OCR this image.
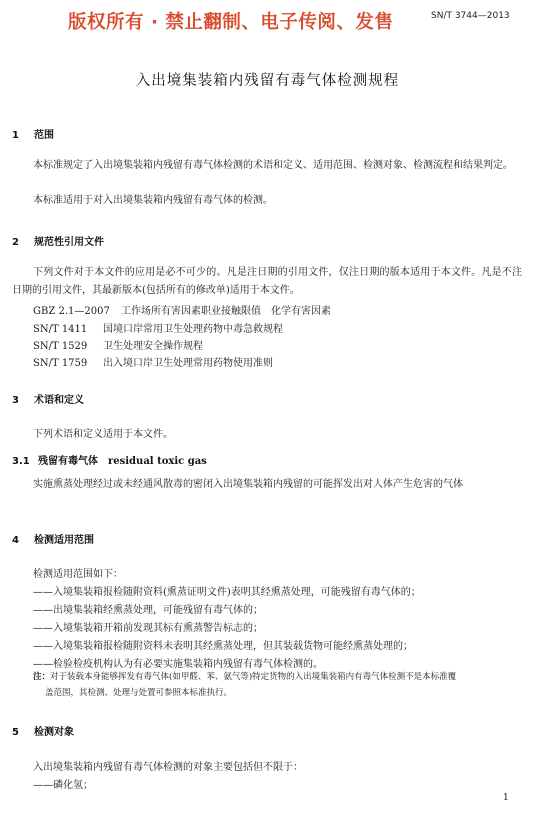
版权所有 · 禁止翻制、电子传阅、发售	SN/T 3744—2013
入出境集装箱内残留有毒气体检测规程
1 范围
本标准规定了入出境集装箱内残留有毒气体检测的术语和定义、适用范围、检测对象、检测流程和结果判定。
本标准适用于对入出境集装箱内残留有毒气体的检测。
2 规范性引用文件
下列文件对于本文件的应用是必不可少的。凡是注日期的引用文件，仅注日期的版本适用于本文件。凡是不注日期的引用文件，其最新版本(包括所有的修改单)适用于本文件。
GBZ 2.1—2007 工作场所有害因素职业接触限值　化学有害因素
SN/T 1411 国境口岸常用卫生处理药物中毒急救规程
SN/T 1529 卫生处理安全操作规程
SN/T 1759 出入境口岸卫生处理常用药物使用准则
3 术语和定义
下列术语和定义适用于本文件。
3.1 残留有毒气体 residual toxic gas
实施熏蒸处理经过或未经通风散毒的密闭入出境集装箱内残留的可能挥发出对人体产生危害的气体
4 检测适用范围
检测适用范围如下：
——入境集装箱报检随附资料(熏蒸证明文件)表明其经熏蒸处理，可能残留有毒气体的；
——出境集装箱经熏蒸处理，可能残留有毒气体的；
——入境集装箱开箱前发现其标有熏蒸警告标志的；
——入境集装箱报检随附资料未表明其经熏蒸处理，但其装载货物可能经熏蒸处理的；
——检验检疫机构认为有必要实施集装箱内残留有毒气体检测的。
注：对于装载本身能够挥发有毒气体(如甲醛、苯、氨气等)特定货物的入出境集装箱内有毒气体检测不是本标准覆
盖范围，其检测、处理与处置可参照本标准执行。
5 检测对象
入出境集装箱内残留有毒气体检测的对象主要包括但不限于：
——磷化氢；
1
